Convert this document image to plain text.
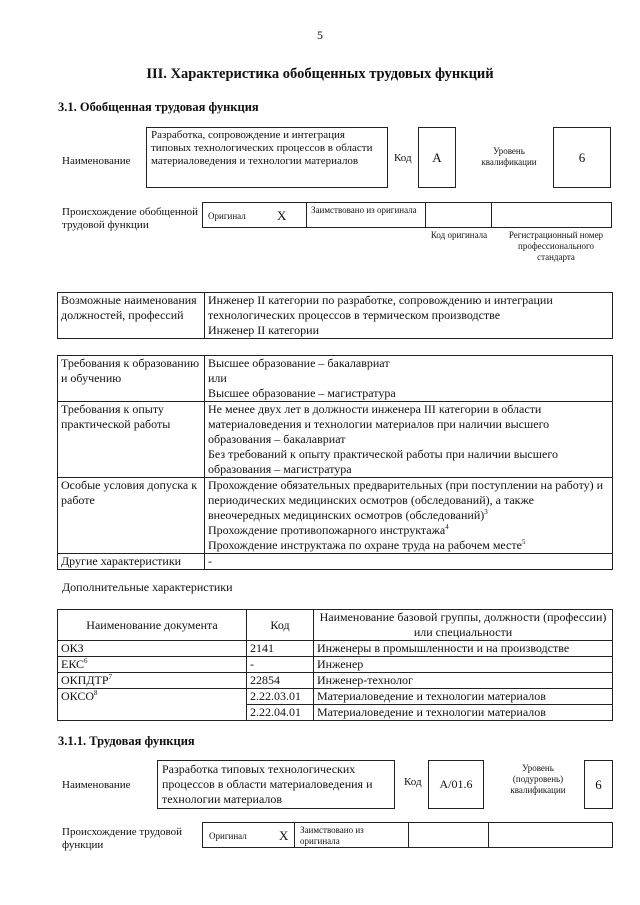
5
III. Характеристика обобщенных трудовых функций
3.1. Обобщенная трудовая функция
Наименование
Разработка, сопровождение и интеграция типовых технологических процессов в области материаловедения и технологии материалов	Код	А	Уровень квалификации	6
Происхождение обобщенной трудовой функции
Оригинал X	Заимствовано из оригинала
Код оригинала	Регистрационный номер профессионального стандарта
Возможные наименования должностей, профессий	Инженер II категории по разработке, сопровождению и интеграции технологических процессов в термическом производстве
Инженер II категории
Требования к образованию и обучению	Высшее образование – бакалавриат
или
Высшее образование – магистратура
Требования к опыту практической работы	Не менее двух лет в должности инженера III категории в области материаловедения и технологии материалов при наличии высшего образования – бакалавриат
Без требований к опыту практической работы при наличии высшего образования – магистратура
Особые условия допуска к работе	Прохождение обязательных предварительных (при поступлении на работу) и периодических медицинских осмотров (обследований), а также внеочередных медицинских осмотров (обследований)$^3$
Прохождение противопожарного инструктажа$^4$
Прохождение инструктажа по охране труда на рабочем месте$^5$
Другие характеристики	-
Дополнительные характеристики
Наименование документа	Код	Наименование базовой группы, должности (профессии) или специальности
ОКЗ	2141	Инженеры в промышленности и на производстве
ЕКС$^6$	-	Инженер
ОКПДТР$^7$	22854	Инженер-технолог
ОКСО$^8$	2.22.03.01	Материаловедение и технологии материалов
	2.22.04.01	Материаловедение и технологии материалов
3.1.1. Трудовая функция
Наименование
Разработка типовых технологических процессов в области материаловедения и технологии материалов
Код	А/01.6
Уровень (подуровень) квалификации	6
Происхождение трудовой функции
Оригинал X Заимствовано из оригинала
